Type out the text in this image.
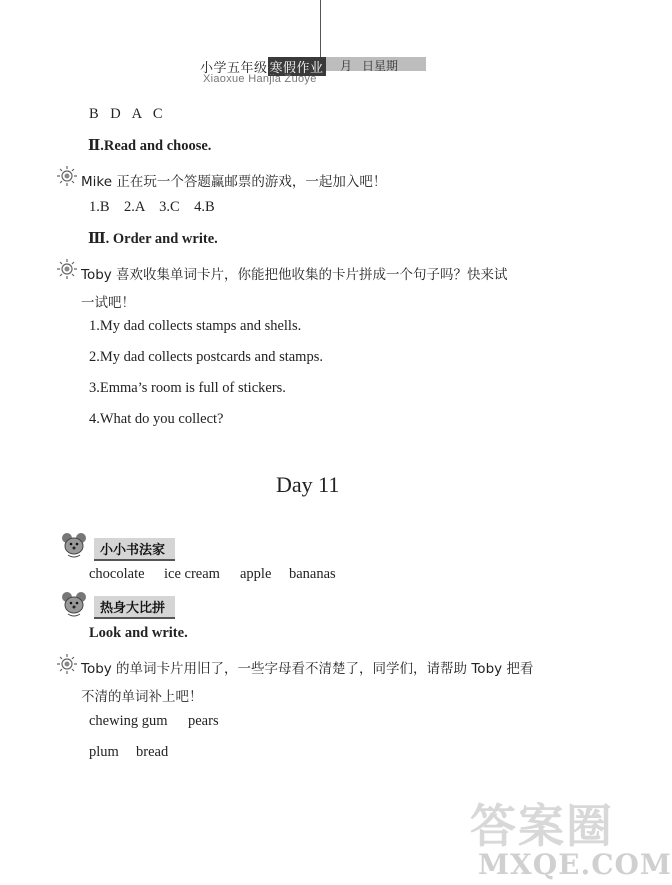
小学五年级 寒假作业 月 日星期
Xiaoxue Hanjia Zuoye
B D A C
Ⅱ.Read and choose.
Mike 正在玩一个答题赢邮票的游戏，一起加入吧！
1.B    2.A    3.C    4.B
Ⅲ. Order and write.
Toby 喜欢收集单词卡片，你能把他收集的卡片拼成一个句子吗？快来试
一试吧！
1.My dad collects stamps and shells.
2.My dad collects postcards and stamps.
3.Emma’s room is full of stickers.
4.What do you collect?
Day 11
小小书法家
chocolate ice cream apple bananas
热身大比拼
Look and write.
Toby 的单词卡片用旧了，一些字母看不清楚了，同学们，请帮助 Toby 把看
不清的单词补上吧！
chewing gum pears
plum bread
答案圈
MXQE.COM
